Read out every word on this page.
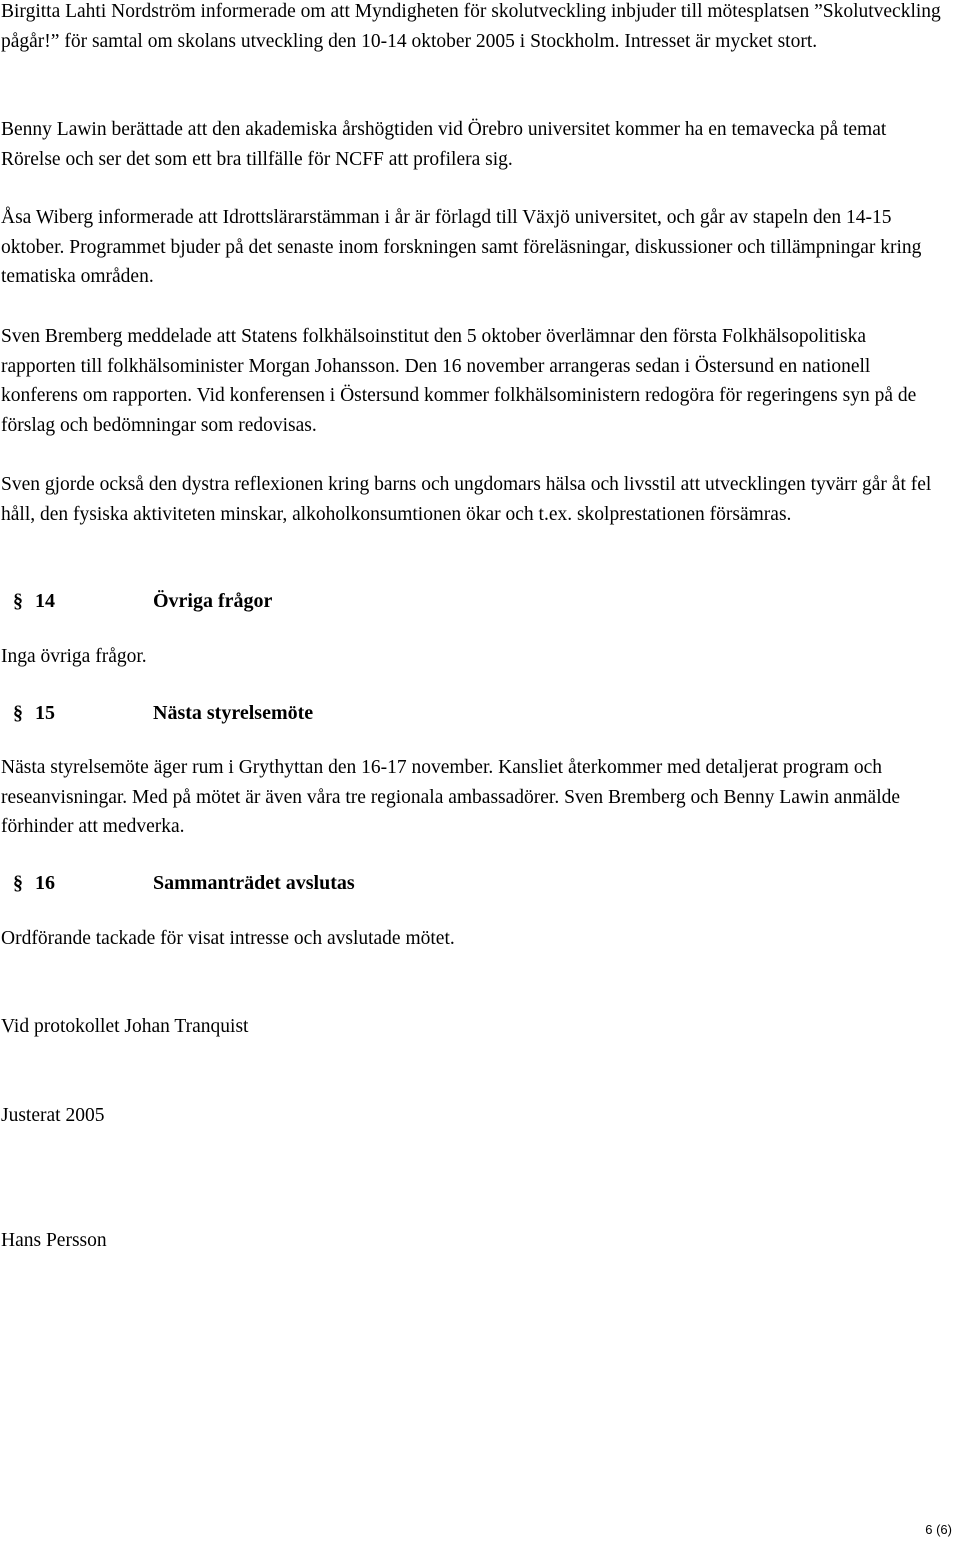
Birgitta Lahti Nordström informerade om att Myndigheten för skolutveckling inbjuder till mötesplatsen ”Skolutveckling pågår!” för samtal om skolans utveckling den 10-14 oktober 2005 i Stockholm. Intresset är mycket stort.

Benny Lawin berättade att den akademiska årshögtiden vid Örebro universitet kommer ha en temavecka på temat Rörelse och ser det som ett bra tillfälle för NCFF att profilera sig.

Åsa Wiberg informerade att Idrottslärarstämman i år är förlagd till Växjö universitet, och går av stapeln den 14-15 oktober. Programmet bjuder på det senaste inom forskningen samt föreläsningar, diskussioner och tillämpningar kring tematiska områden.

Sven Bremberg meddelade att Statens folkhälsoinstitut den 5 oktober överlämnar den första Folkhälsopolitiska rapporten till folkhälsominister Morgan Johansson. Den 16 november arrangeras sedan i Östersund en nationell konferens om rapporten. Vid konferensen i Östersund kommer folkhälsoministern redogöra för regeringens syn på de förslag och bedömningar som redovisas.

Sven gjorde också den dystra reflexionen kring barns och ungdomars hälsa och livsstil att utvecklingen tyvärr går åt fel håll, den fysiska aktiviteten minskar, alkoholkonsumtionen ökar och t.ex. skolprestationen försämras.

§ 14	Övriga frågor

Inga övriga frågor.

§ 15	Nästa styrelsemöte

Nästa styrelsemöte äger rum i Grythyttan den 16-17 november. Kansliet återkommer med detaljerat program och reseanvisningar. Med på mötet är även våra tre regionala ambassadörer. Sven Bremberg och Benny Lawin anmälde förhinder att medverka.

§ 16	Sammanträdet avslutas

Ordförande tackade för visat intresse och avslutade mötet.

Vid protokollet Johan Tranquist

Justerat 2005

Hans Persson

6 (6)
